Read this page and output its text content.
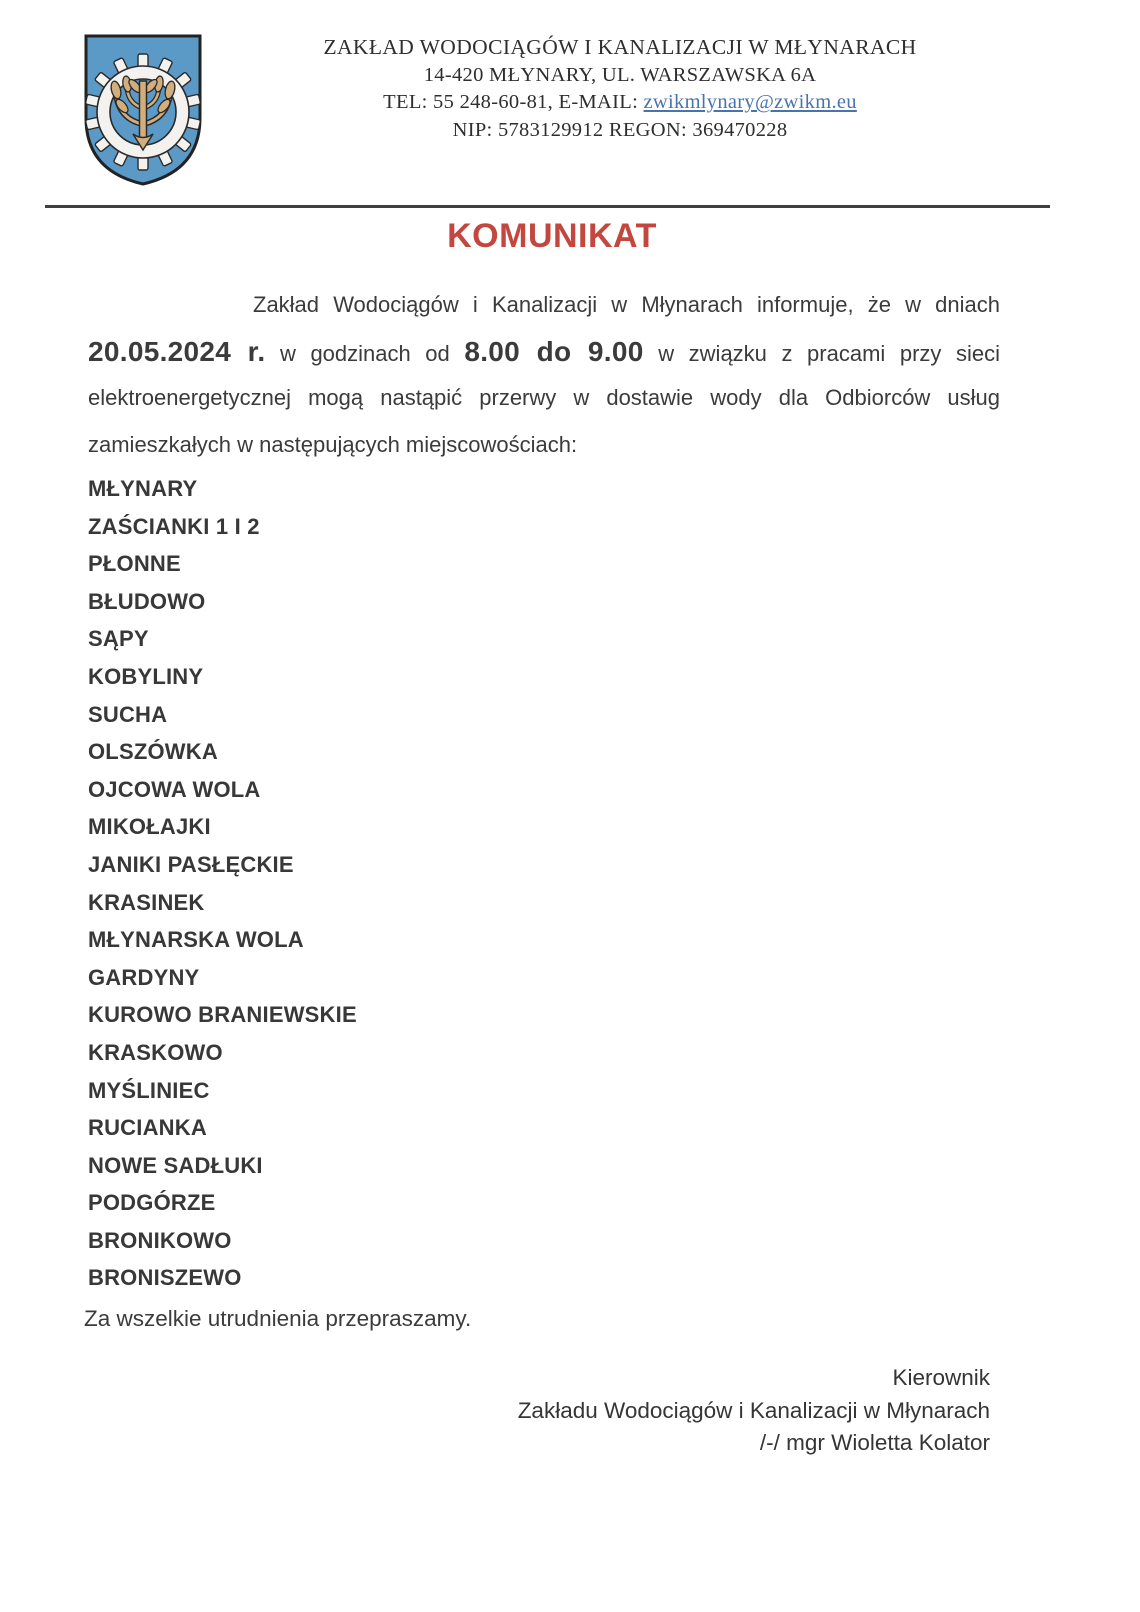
ZAKŁAD WODOCIĄGÓW I KANALIZACJI W MŁYNARACH
14-420 MŁYNARY, UL. WARSZAWSKA 6A
TEL: 55 248-60-81, E-MAIL: zwikmlynary@zwikm.eu
NIP: 5783129912 REGON: 369470228
KOMUNIKAT
Zakład Wodociągów i Kanalizacji w Młynarach informuje, że w dniach
20.05.2024 r. w godzinach od 8.00 do 9.00 w związku z pracami przy sieci
elektroenergetycznej mogą nastąpić przerwy w dostawie wody dla Odbiorców usług
zamieszkałych w następujących miejscowościach:
MŁYNARY
ZAŚCIANKI 1 I 2
PŁONNE
BŁUDOWO
SĄPY
KOBYLINY
SUCHA
OLSZÓWKA
OJCOWA WOLA
MIKOŁAJKI
JANIKI PASŁĘCKIE
KRASINEK
MŁYNARSKA WOLA
GARDYNY
KUROWO BRANIEWSKIE
KRASKOWO
MYŚLINIEC
RUCIANKA
NOWE SADŁUKI
PODGÓRZE
BRONIKOWO
BRONISZEWO
Za wszelkie utrudnienia przepraszamy.
Kierownik
Zakładu Wodociągów i Kanalizacji w Młynarach
/-/ mgr Wioletta Kolator
